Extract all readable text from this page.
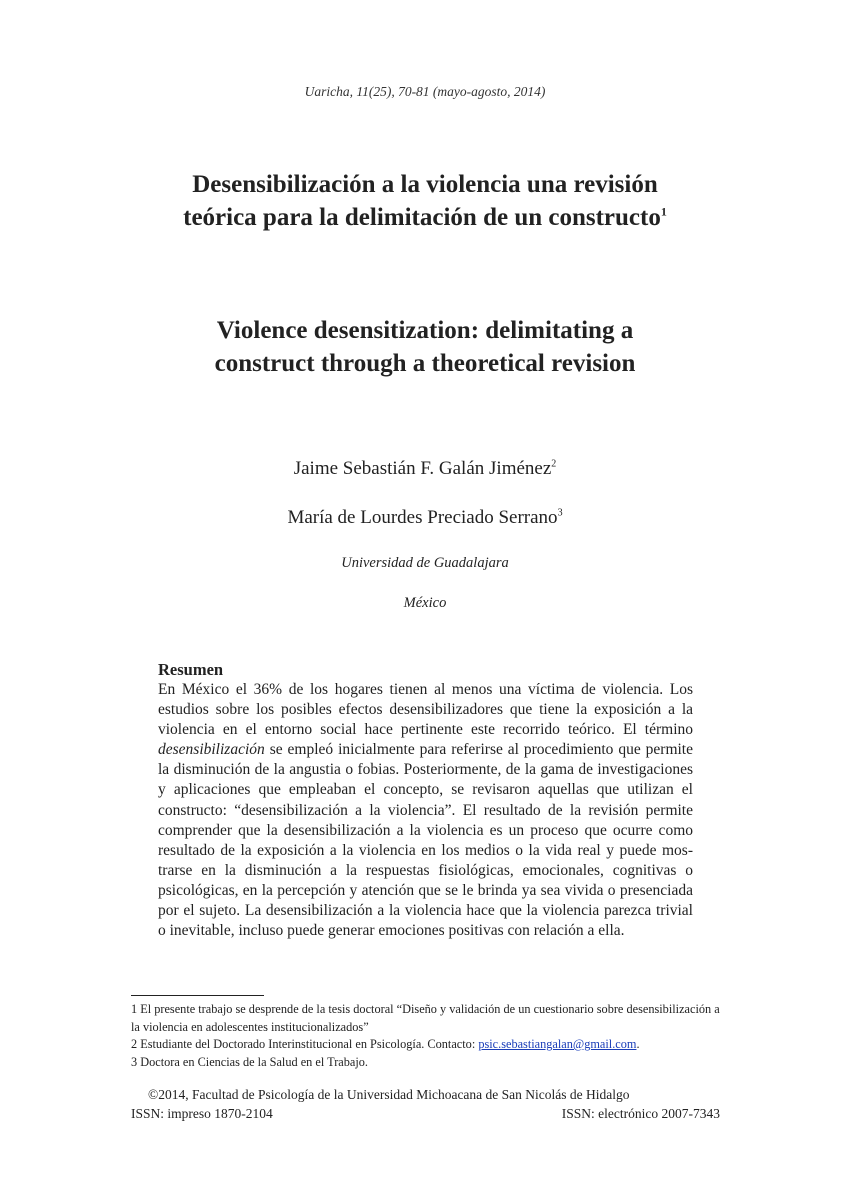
Uaricha, 11(25), 70-81 (mayo-agosto, 2014)
Desensibilización a la violencia una revisión teórica para la delimitación de un constructo$^1$
Violence desensitization: delimitating a construct through a theoretical revision
Jaime Sebastián F. Galán Jiménez$^2$
María de Lourdes Preciado Serrano$^3$
Universidad de Guadalajara
México
Resumen
En México el 36% de los hogares tienen al menos una víctima de violencia. Los estudios sobre los posibles efectos desensibilizadores que tiene la exposición a la violencia en el entorno social hace pertinente este recorrido teórico. El término desensibilización se empleó inicialmente para referirse al procedimiento que permite la disminución de la angustia o fobias. Posteriormente, de la gama de investigaciones y aplicaciones que empleaban el concepto, se revisaron aquellas que utilizan el constructo: “desensibilización a la violencia”. El resultado de la revisión permite comprender que la desensibilización a la violencia es un proceso que ocurre como resultado de la exposición a la violencia en los medios o la vida real y puede mostrarse en la disminución a la respuestas fisiológicas, emocionales, cognitivas o psicológicas, en la percepción y atención que se le brinda ya sea vivida o presenciada por el sujeto. La desensibilización a la violencia hace que la violencia parezca trivial o inevitable, incluso puede generar emociones positivas con relación a ella.
1 El presente trabajo se desprende de la tesis doctoral “Diseño y validación de un cuestionario sobre desensibilización a la violencia en adolescentes institucionalizados”
2 Estudiante del Doctorado Interinstitucional en Psicología. Contacto: psic.sebastiangalan@gmail.com.
3 Doctora en Ciencias de la Salud en el Trabajo.
©2014, Facultad de Psicología de la Universidad Michoacana de San Nicolás de Hidalgo
ISSN: impreso 1870-2104	ISSN: electrónico 2007-7343
